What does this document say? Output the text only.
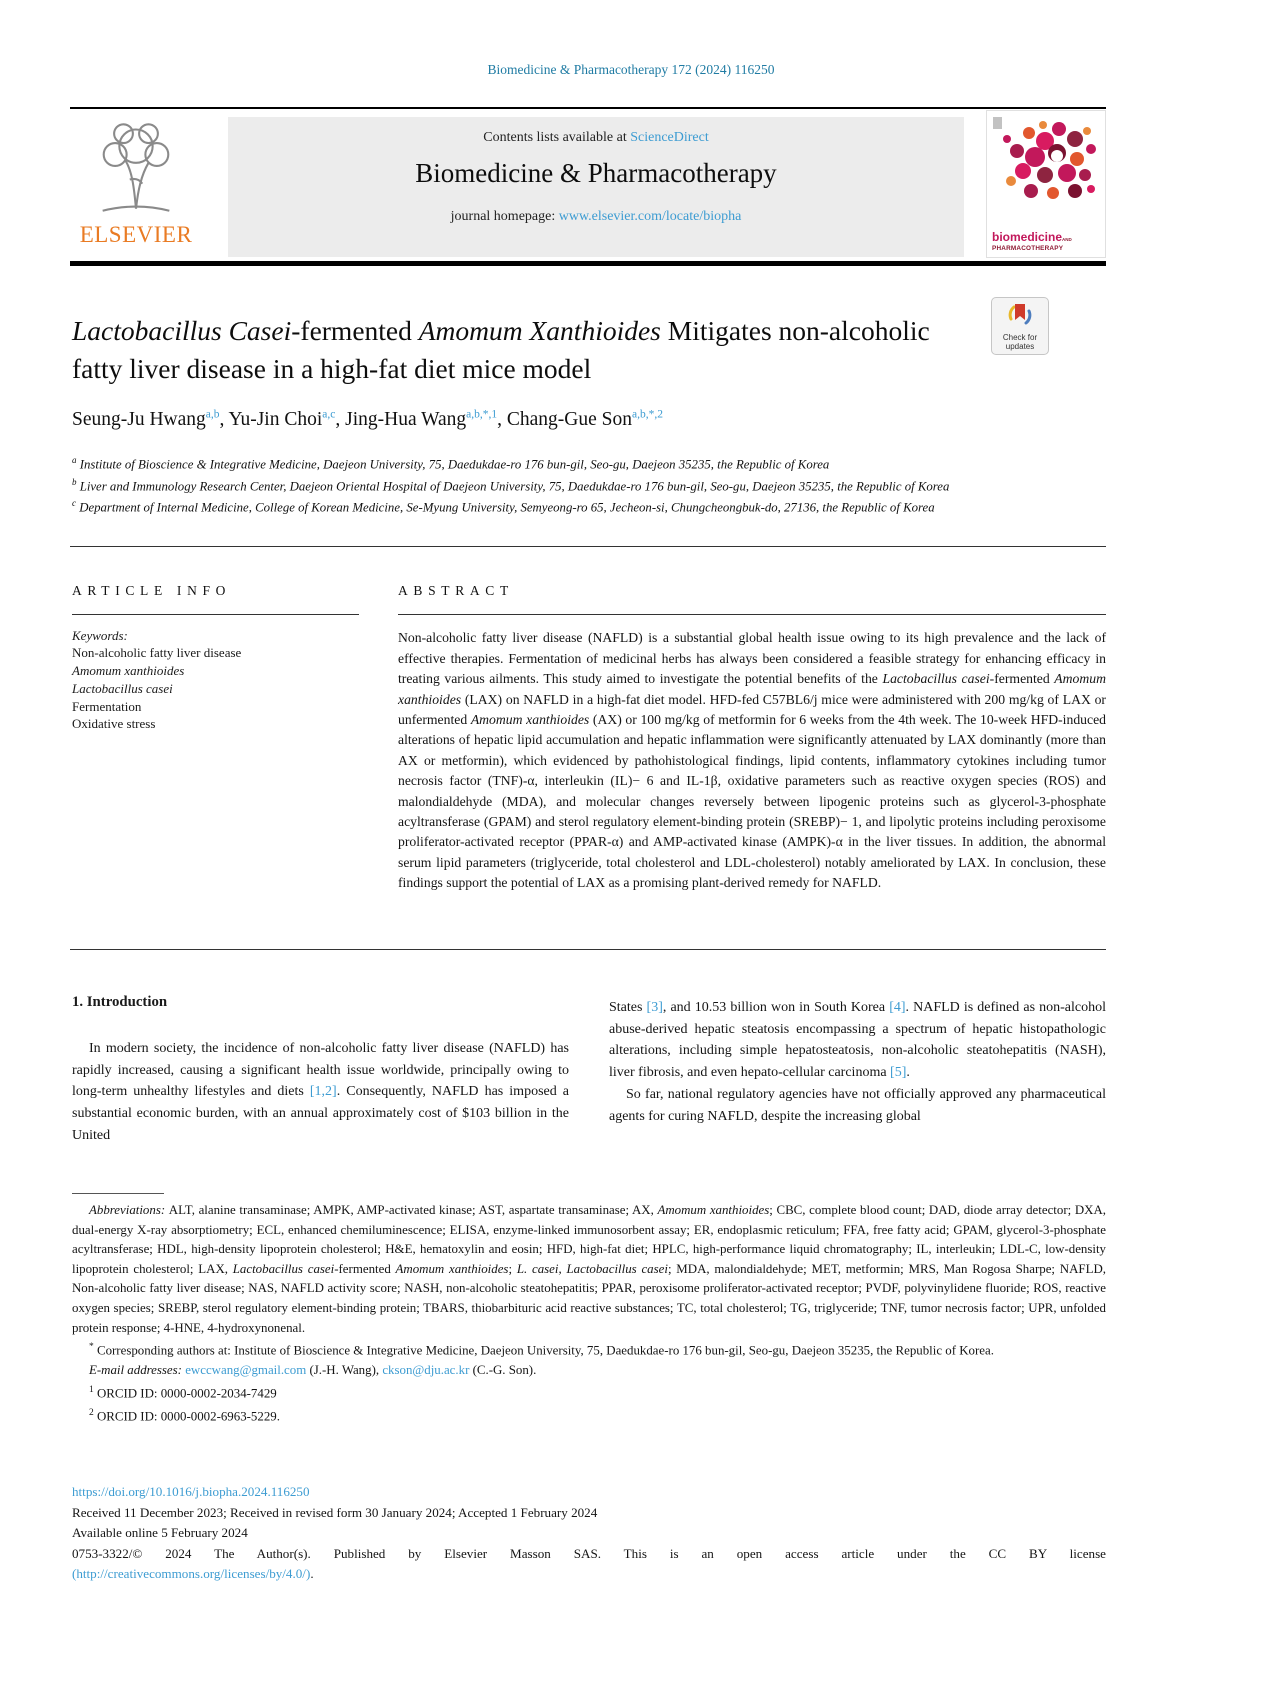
Biomedicine & Pharmacotherapy 172 (2024) 116250
ELSEVIER
Contents lists available at ScienceDirect
Biomedicine & Pharmacotherapy
journal homepage: www.elsevier.com/locate/biopha
biomedicineAND
PHARMACOTHERAPY
Lactobacillus Casei-fermented Amomum Xanthioides Mitigates non-alcoholic fatty liver disease in a high-fat diet mice model
Check for
updates
Seung-Ju Hwang$^{a,b}$, Yu-Jin Choi$^{a,c}$, Jing-Hua Wang$^{a,b,*,1}$, Chang-Gue Son$^{a,b,*,2}$
$^a$ Institute of Bioscience & Integrative Medicine, Daejeon University, 75, Daedukdae-ro 176 bun-gil, Seo-gu, Daejeon 35235, the Republic of Korea
$^b$ Liver and Immunology Research Center, Daejeon Oriental Hospital of Daejeon University, 75, Daedukdae-ro 176 bun-gil, Seo-gu, Daejeon 35235, the Republic of Korea
$^c$ Department of Internal Medicine, College of Korean Medicine, Se-Myung University, Semyeong-ro 65, Jecheon-si, Chungcheongbuk-do, 27136, the Republic of Korea
ARTICLE INFO
Keywords:
Non-alcoholic fatty liver disease
Amomum xanthioides
Lactobacillus casei
Fermentation
Oxidative stress
ABSTRACT

Non-alcoholic fatty liver disease (NAFLD) is a substantial global health issue owing to its high prevalence and the lack of effective therapies. Fermentation of medicinal herbs has always been considered a feasible strategy for enhancing efficacy in treating various ailments. This study aimed to investigate the potential benefits of the Lactobacillus casei-fermented Amomum xanthioides (LAX) on NAFLD in a high-fat diet model. HFD-fed C57BL6/j mice were administered with 200 mg/kg of LAX or unfermented Amomum xanthioides (AX) or 100 mg/kg of metformin for 6 weeks from the 4th week. The 10-week HFD-induced alterations of hepatic lipid accumulation and hepatic inflammation were significantly attenuated by LAX dominantly (more than AX or metformin), which evidenced by pathohistological findings, lipid contents, inflammatory cytokines including tumor necrosis factor (TNF)-α, interleukin (IL)− 6 and IL-1β, oxidative parameters such as reactive oxygen species (ROS) and malondialdehyde (MDA), and molecular changes reversely between lipogenic proteins such as glycerol-3-phosphate acyltransferase (GPAM) and sterol regulatory element-binding protein (SREBP)− 1, and lipolytic proteins including peroxisome proliferator-activated receptor (PPAR-α) and AMP-activated kinase (AMPK)-α in the liver tissues. In addition, the abnormal serum lipid parameters (triglyceride, total cholesterol and LDL-cholesterol) notably ameliorated by LAX. In conclusion, these findings support the potential of LAX as a promising plant-derived remedy for NAFLD.

1. Introduction

In modern society, the incidence of non-alcoholic fatty liver disease (NAFLD) has rapidly increased, causing a significant health issue worldwide, principally owing to long-term unhealthy lifestyles and diets [1,2]. Consequently, NAFLD has imposed a substantial economic burden, with an annual approximately cost of $103 billion in the United

States [3], and 10.53 billion won in South Korea [4]. NAFLD is defined as non-alcohol abuse-derived hepatic steatosis encompassing a spectrum of hepatic histopathologic alterations, including simple hepatosteatosis, non-alcoholic steatohepatitis (NASH), liver fibrosis, and even hepato-cellular carcinoma [5].

So far, national regulatory agencies have not officially approved any pharmaceutical agents for curing NAFLD, despite the increasing global

Abbreviations: ALT, alanine transaminase; AMPK, AMP-activated kinase; AST, aspartate transaminase; AX, Amomum xanthioides; CBC, complete blood count; DAD, diode array detector; DXA, dual-energy X-ray absorptiometry; ECL, enhanced chemiluminescence; ELISA, enzyme-linked immunosorbent assay; ER, endoplasmic reticulum; FFA, free fatty acid; GPAM, glycerol-3-phosphate acyltransferase; HDL, high-density lipoprotein cholesterol; H&E, hematoxylin and eosin; HFD, high-fat diet; HPLC, high-performance liquid chromatography; IL, interleukin; LDL-C, low-density lipoprotein cholesterol; LAX, Lactobacillus casei-fermented Amomum xanthioides; L. casei, Lactobacillus casei; MDA, malondialdehyde; MET, metformin; MRS, Man Rogosa Sharpe; NAFLD, Non-alcoholic fatty liver disease; NAS, NAFLD activity score; NASH, non-alcoholic steatohepatitis; PPAR, peroxisome proliferator-activated receptor; PVDF, polyvinylidene fluoride; ROS, reactive oxygen species; SREBP, sterol regulatory element-binding protein; TBARS, thiobarbituric acid reactive substances; TC, total cholesterol; TG, triglyceride; TNF, tumor necrosis factor; UPR, unfolded protein response; 4-HNE, 4-hydroxynonenal.

* Corresponding authors at: Institute of Bioscience & Integrative Medicine, Daejeon University, 75, Daedukdae-ro 176 bun-gil, Seo-gu, Daejeon 35235, the Republic of Korea.

E-mail addresses: ewccwang@gmail.com (J.-H. Wang), ckson@dju.ac.kr (C.-G. Son).

$^1$ ORCID ID: 0000-0002-2034-7429

$^2$ ORCID ID: 0000-0002-6963-5229.

https://doi.org/10.1016/j.biopha.2024.116250
Received 11 December 2023; Received in revised form 30 January 2024; Accepted 1 February 2024
Available online 5 February 2024
0753-3322/© 2024 The Author(s). Published by Elsevier Masson SAS. This is an open access article under the CC BY license
(http://creativecommons.org/licenses/by/4.0/).
